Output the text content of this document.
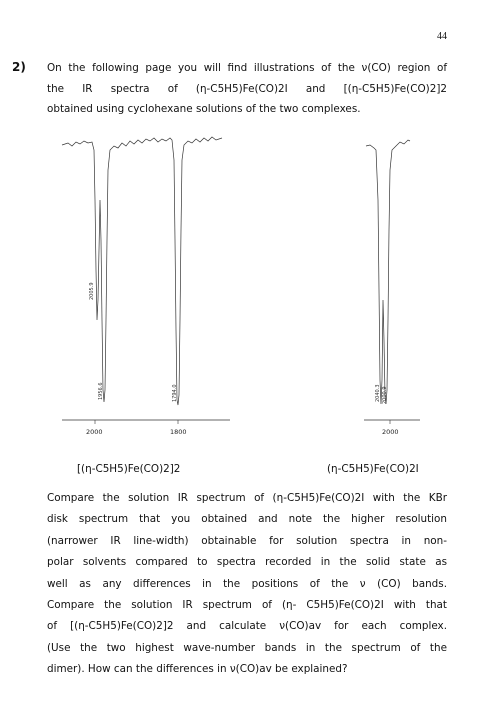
44
2) On the following page you will find illustrations of the ν(CO) region of
the IR spectra of (η-C5H5)Fe(CO)2I and [(η-C5H5)Fe(CO)2]2
obtained using cyclohexane solutions of the two complexes.
2000	1800
2005.9
1956.6	1794.0
2000
2040.3 2000.9
[(η-C5H5)Fe(CO)2]2	(η-C5H5)Fe(CO)2I
Compare the solution IR spectrum of (η-C5H5)Fe(CO)2I with the KBr
disk spectrum that you obtained and note the higher resolution
(narrower IR line-width) obtainable for solution spectra in non-
polar solvents compared to spectra recorded in the solid state as
well as any differences in the positions of the ν (CO) bands.
Compare the solution IR spectrum of (η- C5H5)Fe(CO)2I with that
of [(η-C5H5)Fe(CO)2]2 and calculate ν(CO)av for each complex.
(Use the two highest wave-number bands in the spectrum of the
dimer). How can the differences in ν(CO)av be explained?
